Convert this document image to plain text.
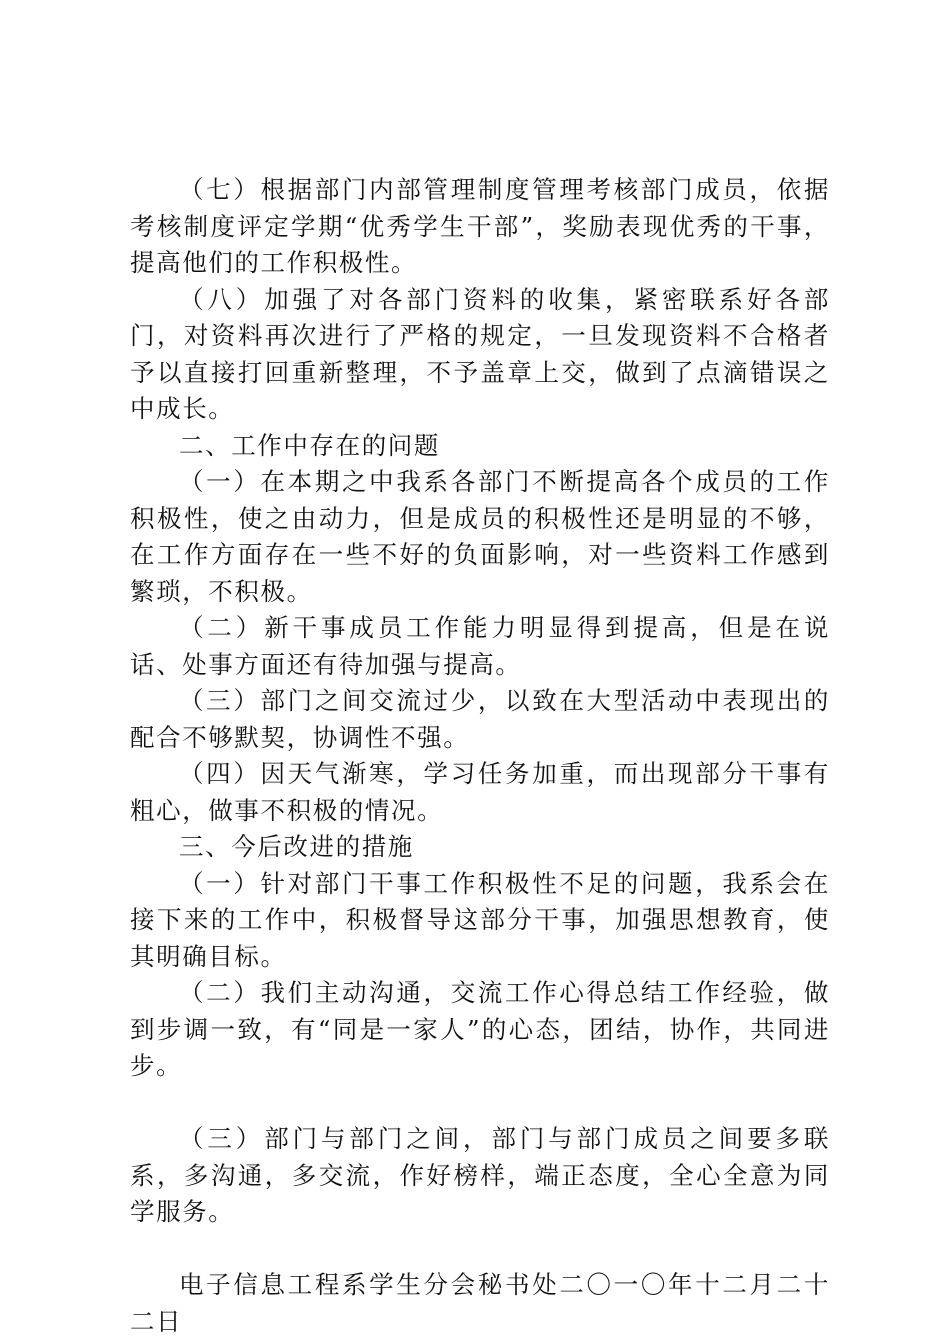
（七）根据部门内部管理制度管理考核部门成员，依据考核制度评定学期“优秀学生干部”，奖励表现优秀的干事，提高他们的工作积极性。

（八）加强了对各部门资料的收集，紧密联系好各部门，对资料再次进行了严格的规定，一旦发现资料不合格者予以直接打回重新整理，不予盖章上交，做到了点滴错误之中成长。

二、工作中存在的问题

（一）在本期之中我系各部门不断提高各个成员的工作积极性，使之由动力，但是成员的积极性还是明显的不够，在工作方面存在一些不好的负面影响，对一些资料工作感到繁琐，不积极。

（二）新干事成员工作能力明显得到提高，但是在说话、处事方面还有待加强与提高。

（三）部门之间交流过少，以致在大型活动中表现出的配合不够默契，协调性不强。

（四）因天气渐寒，学习任务加重，而出现部分干事有粗心，做事不积极的情况。

三、今后改进的措施

（一）针对部门干事工作积极性不足的问题，我系会在接下来的工作中，积极督导这部分干事，加强思想教育，使其明确目标。

（二）我们主动沟通，交流工作心得总结工作经验，做到步调一致，有“同是一家人”的心态，团结，协作，共同进步。

（三）部门与部门之间，部门与部门成员之间要多联系，多沟通，多交流，作好榜样，端正态度，全心全意为同学服务。

电子信息工程系学生分会秘书处二〇一〇年十二月二十二日
